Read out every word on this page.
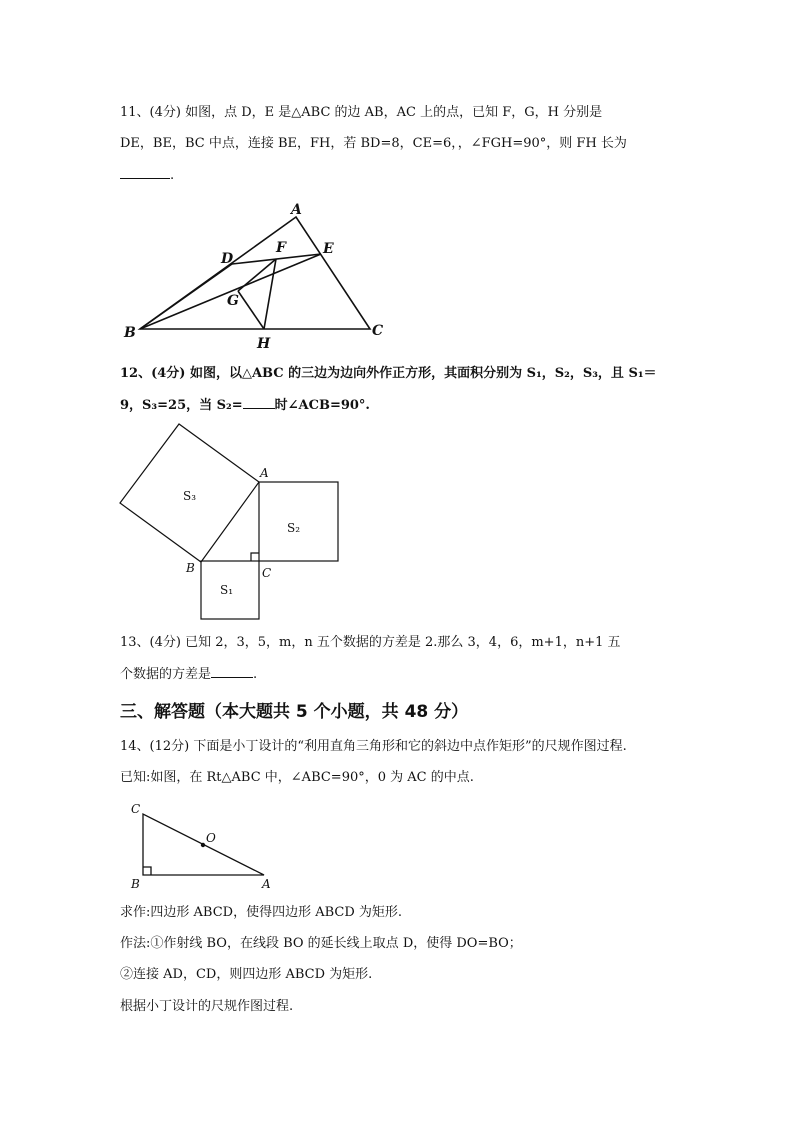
11、(4分) 如图，点 D，E 是△ABC 的边 AB，AC 上的点，已知 F，G，H 分别是
DE，BE，BC 中点，连接 BE，FH，若 BD=8，CE=6，，∠FGH=90°，则 FH 长为
.
A
B	C
D
E
F
G
H
A
B	C
S₃
S₂
S₁
C
B	A
O
12、(4分) 如图，以△ABC 的三边为边向外作正方形，其面积分别为 S₁，S₂，S₃，且 S₁＝
9，S₃=25，当 S₂= 时∠ACB=90°.
13、(4分) 已知 2，3，5，m，n 五个数据的方差是 2.那么 3，4，6，m+1，n+1 五
个数据的方差是	.
三、解答题（本大题共 5 个小题，共 48 分）
14、(12分) 下面是小丁设计的“利用直角三角形和它的斜边中点作矩形”的尺规作图过程.
已知:如图，在 Rt△ABC 中，∠ABC=90°，0 为 AC 的中点.
求作:四边形 ABCD，使得四边形 ABCD 为矩形.
作法:①作射线 BO，在线段 BO 的延长线上取点 D，使得 DO=BO；
②连接 AD，CD，则四边形 ABCD 为矩形.
根据小丁设计的尺规作图过程.
